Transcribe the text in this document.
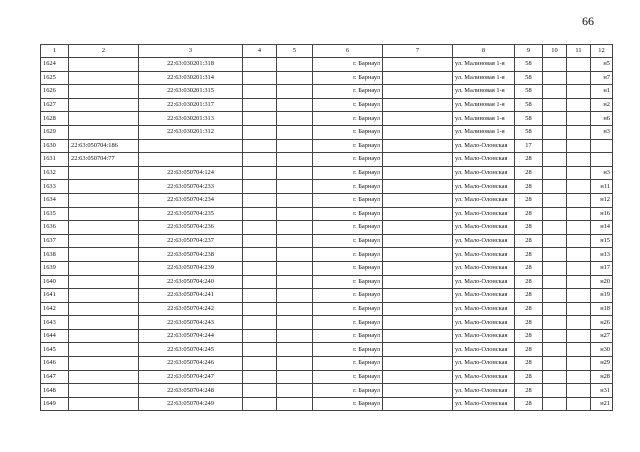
66
1	2	3	4	5	6	7	8	9	10	11	12
1624		22:63:030201:318			г. Барнаул		ул. Малиновая 1-я	58			н5
1625		22:63:030201:314			г. Барнаул		ул. Малиновая 1-я	58			н7
1626		22:63:030201:315			г. Барнаул		ул. Малиновая 1-я	58			н1
1627		22:63:030201:317			г. Барнаул		ул. Малиновая 1-я	58			н2
1628		22:63:030201:313			г. Барнаул		ул. Малиновая 1-я	58			н6
1629		22:63:030201:312			г. Барнаул		ул. Малиновая 1-я	58			н3
1630	22:63:050704:186				г. Барнаул		ул. Мало-Олонская	17			
1631	22:63:050704:77				г. Барнаул		ул. Мало-Олонская	28			
1632		22:63:050704:124			г. Барнаул		ул. Мало-Олонская	28			н3
1633		22:63:050704:233			г. Барнаул		ул. Мало-Олонская	28			н11
1634		22:63:050704:234			г. Барнаул		ул. Мало-Олонская	28			н12
1635		22:63:050704:235			г. Барнаул		ул. Мало-Олонская	28			н16
1636		22:63:050704:236			г. Барнаул		ул. Мало-Олонская	28			н14
1637		22:63:050704:237			г. Барнаул		ул. Мало-Олонская	28			н15
1638		22:63:050704:238			г. Барнаул		ул. Мало-Олонская	28			н13
1639		22:63:050704:239			г. Барнаул		ул. Мало-Олонская	28			н17
1640		22:63:050704:240			г. Барнаул		ул. Мало-Олонская	28			н20
1641		22:63:050704:241			г. Барнаул		ул. Мало-Олонская	28			н19
1642		22:63:050704:242			г. Барнаул		ул. Мало-Олонская	28			н18
1643		22:63:050704:243			г. Барнаул		ул. Мало-Олонская	28			н26
1644		22:63:050704:244			г. Барнаул		ул. Мало-Олонская	28			н27
1645		22:63:050704:245			г. Барнаул		ул. Мало-Олонская	28			н30
1646		22:63:050704:246			г. Барнаул		ул. Мало-Олонская	28			н29
1647		22:63:050704:247			г. Барнаул		ул. Мало-Олонская	28			н28
1648		22:63:050704:248			г. Барнаул		ул. Мало-Олонская	28			н31
1649		22:63:050704:249			г. Барнаул		ул. Мало-Олонская	28			н21
